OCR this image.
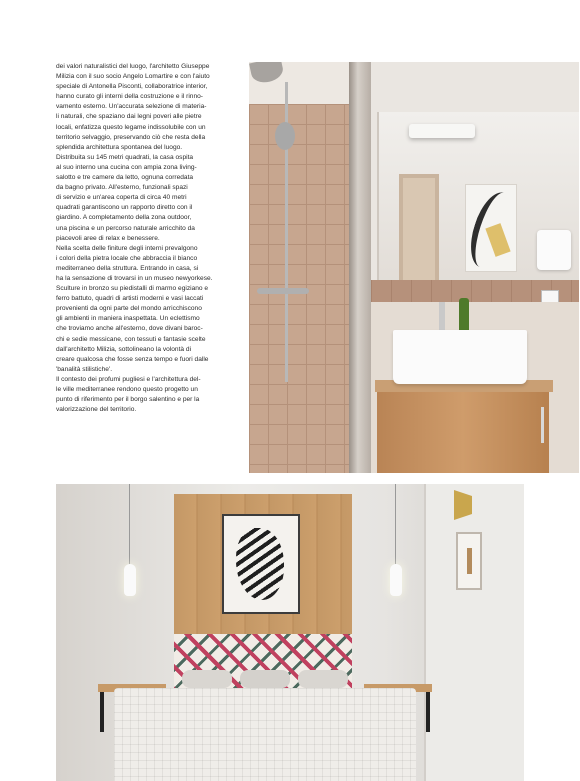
dei valori naturalistici del luogo, l'architetto Giuseppe

Milizia con il suo socio Angelo Lomartire e con l'aiuto

speciale di Antonella Pisconti, collaboratrice interior,

hanno curato gli interni della costruzione e il rinno-

vamento esterno. Un'accurata selezione di materia-

li naturali, che spaziano dai legni poveri alle pietre

locali, enfatizza questo legame indissolubile con un

territorio selvaggio, preservando ciò che resta della

splendida architettura spontanea del luogo.

Distribuita su 145 metri quadrati, la casa ospita

al suo interno una cucina con ampia zona living-

salotto e tre camere da letto, ognuna corredata

da bagno privato. All'esterno, funzionali spazi

di servizio e un'area coperta di circa 40 metri

quadrati garantiscono un rapporto diretto con il

giardino. A completamento della zona outdoor,

una piscina e un percorso naturale arricchito da

piacevoli aree di relax e benessere.

Nella scelta delle finiture degli interni prevalgono

i colori della pietra locale che abbraccia il bianco

mediterraneo della struttura. Entrando in casa, si

ha la sensazione di trovarsi in un museo newyorkese.

Sculture in bronzo su piedistalli di marmo egiziano e

ferro battuto, quadri di artisti moderni e vasi laccati

provenienti da ogni parte del mondo arricchiscono

gli ambienti in maniera inaspettata. Un eclettismo

che troviamo anche all'esterno, dove divani baroc-

chi e sedie messicane, con tessuti e fantasie scelte

dall'architetto Milizia, sottolineano la volontà di

creare qualcosa che fosse senza tempo e fuori dalle

'banalità stilistiche'.

Il contesto dei profumi pugliesi e l'architettura del-

le ville mediterranee rendono questo progetto un

punto di riferimento per il borgo salentino e per la

valorizzazione del territorio.
